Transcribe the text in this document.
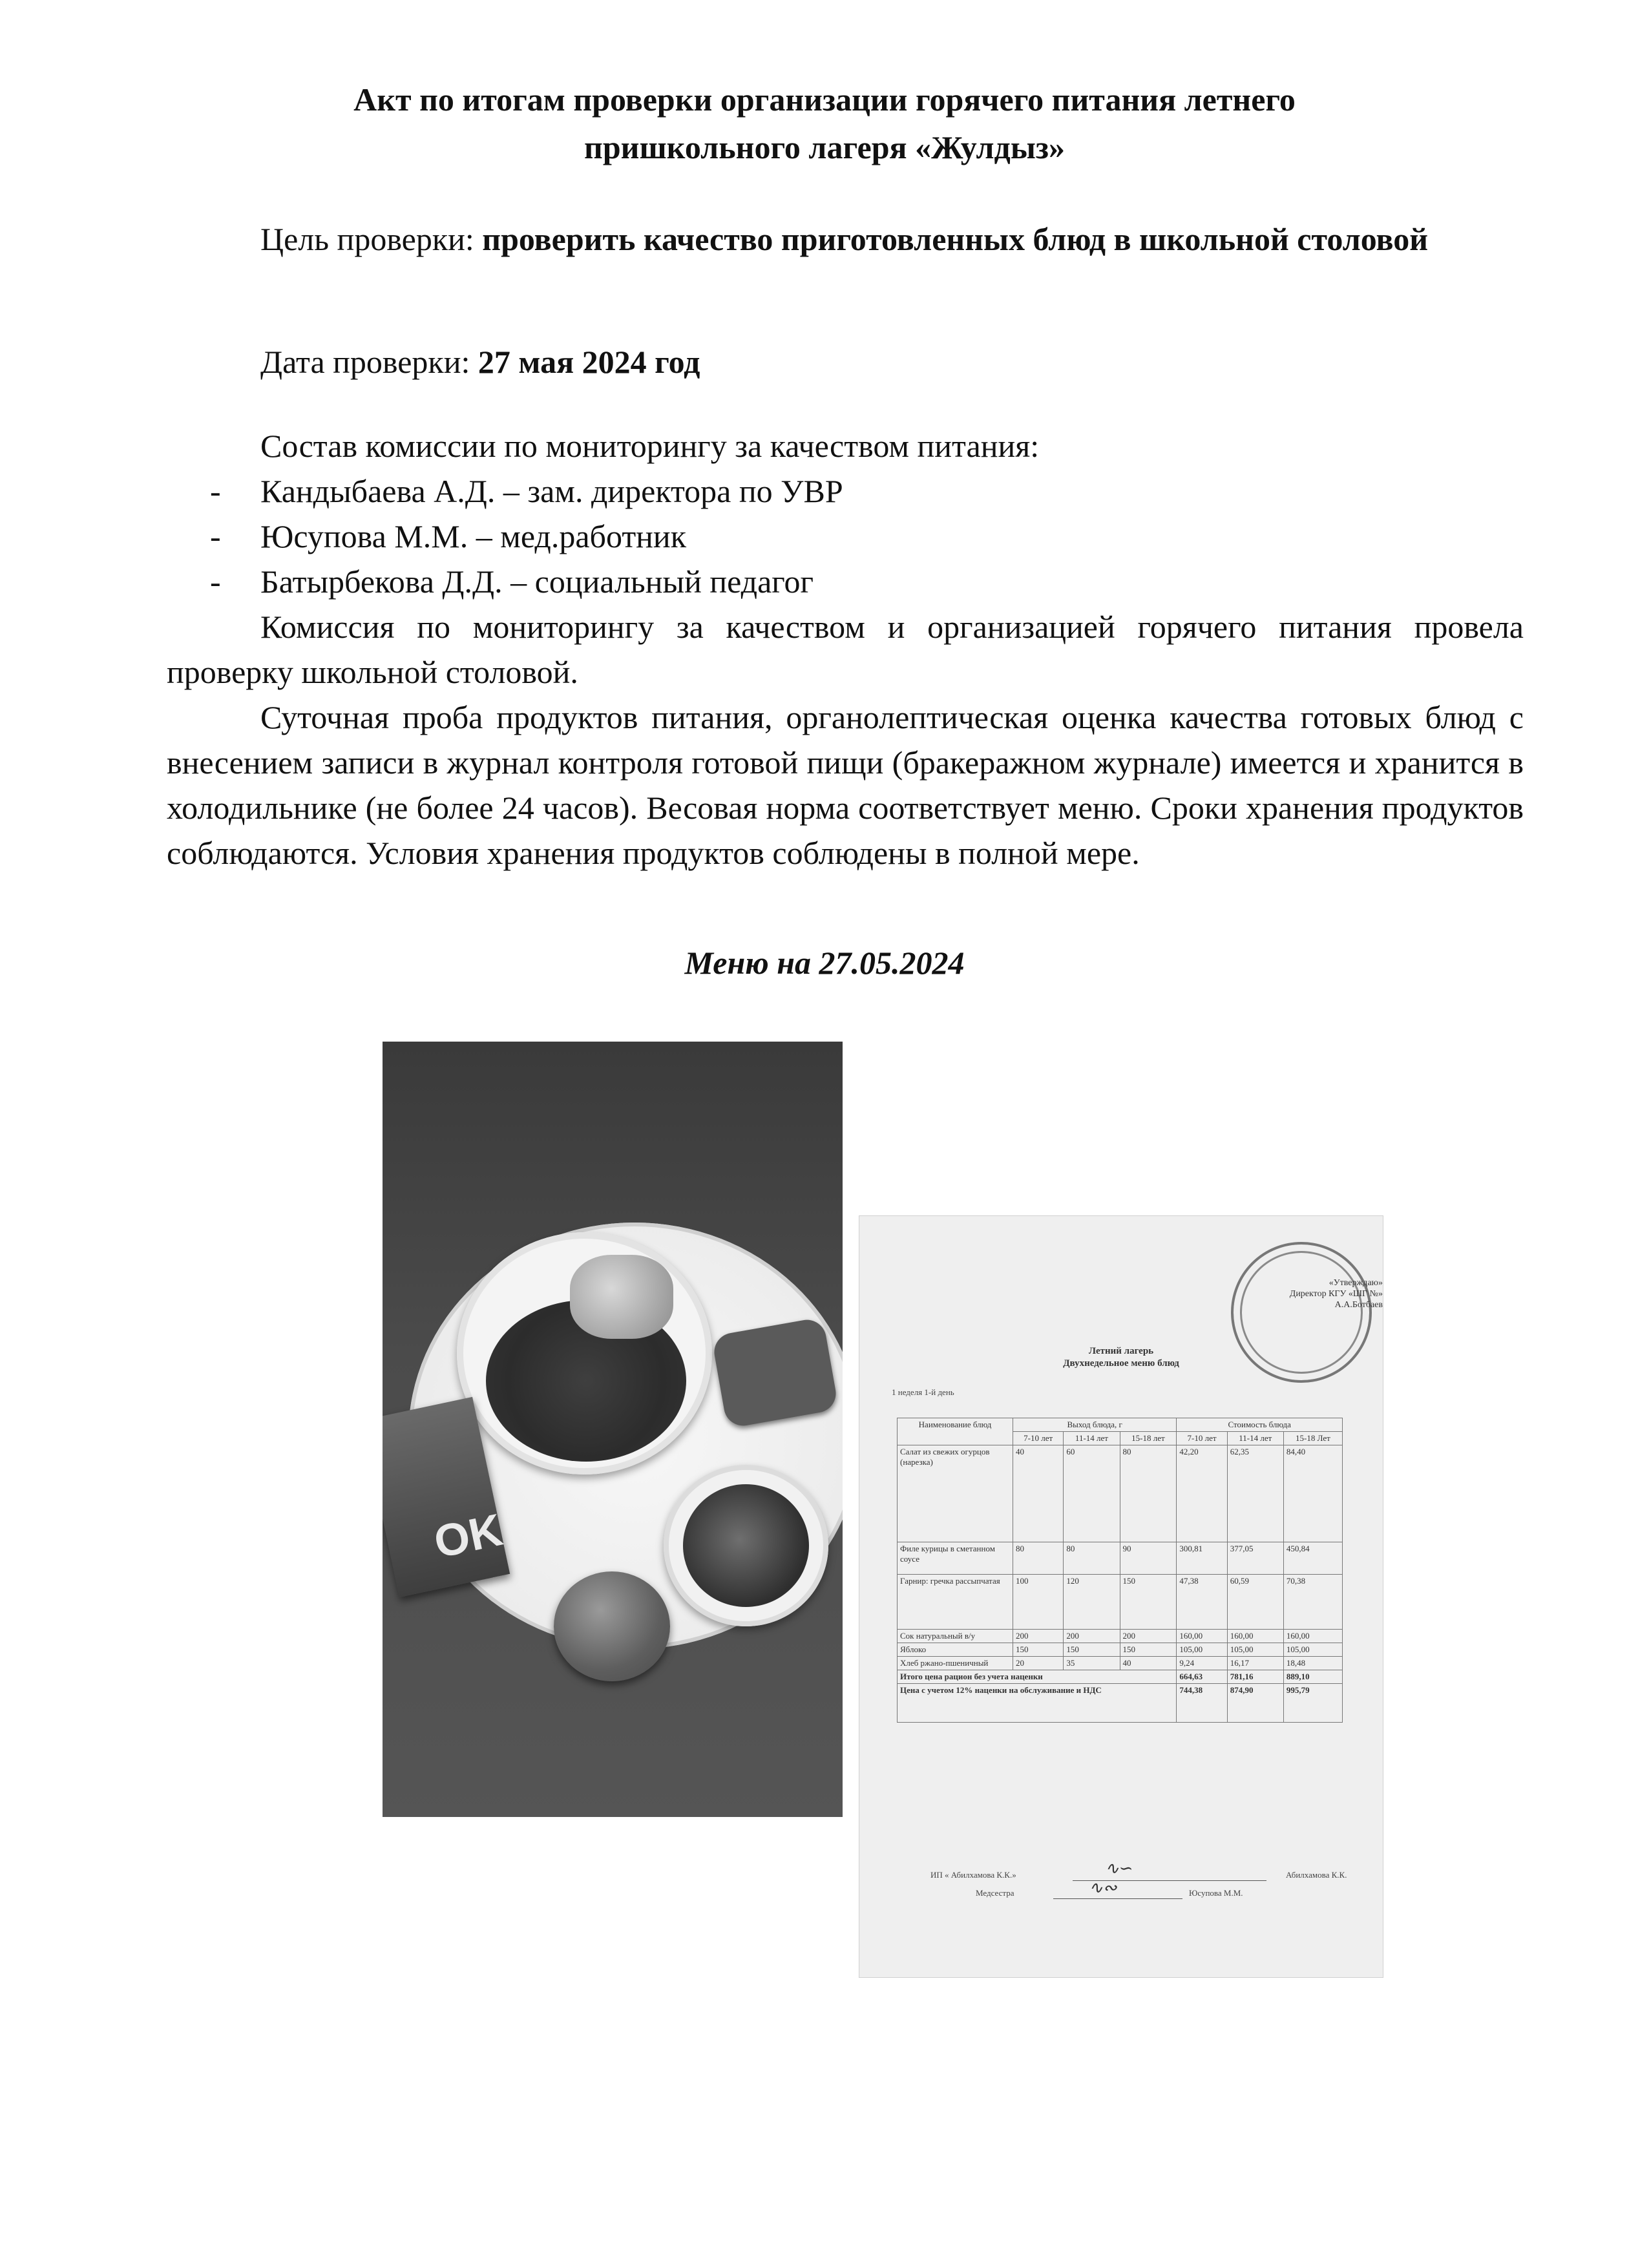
Акт по итогам проверки организации горячего питания летнего
пришкольного лагеря «Жулдыз»
Цель проверки: проверить качество приготовленных блюд в школьной столовой
Дата проверки: 27 мая 2024 год
Состав комиссии по мониторингу за качеством питания:
- Кандыбаева А.Д. – зам. директора по УВР
- Юсупова М.М. – мед.работник
- Батырбекова Д.Д. – социальный педагог
Комиссия по мониторингу за качеством и организацией горячего питания провела проверку школьной столовой.
Суточная проба продуктов питания, органолептическая оценка качества готовых блюд с внесением записи в журнал контроля готовой пищи (бракеражном журнале) имеется и хранится в холодильнике (не более 24 часов). Весовая норма соответствует меню. Сроки хранения продуктов соблюдаются. Условия хранения продуктов соблюдены в полной мере.
Меню на 27.05.2024
OK
«Утверждаю»
Директор КГУ «ШГ №»
А.А.Ботбаев
Летний лагерь
Двухнедельное меню блюд
1 неделя 1-й день
Наименование блюд	Выход блюда, г			Стоимость блюда		
	7-10 лет	11-14 лет	15-18 лет	7-10 лет	11-14 лет	15-18 Лет
Салат из свежих огурцов (нарезка)	40	60	80	42,20	62,35	84,40
Филе курицы в сметанном соусе	80	80	90	300,81	377,05	450,84
Гарнир: гречка рассыпчатая	100	120	150	47,38	60,59	70,38
Сок натуральный в/у	200	200	200	160,00	160,00	160,00
Яблоко	150	150	150	105,00	105,00	105,00
Хлеб ржано-пшеничный	20	35	40	9,24	16,17	18,48
Итого цена рацион без учета наценки				664,63	781,16	889,10
Цена с учетом 12% наценки на обслуживание и НДС				744,38	874,90	995,79
ИП « Абилхамова К.К.»	∿∽	Абилхамова К.К.
Медсестра	∿∾	Юсупова М.М.
